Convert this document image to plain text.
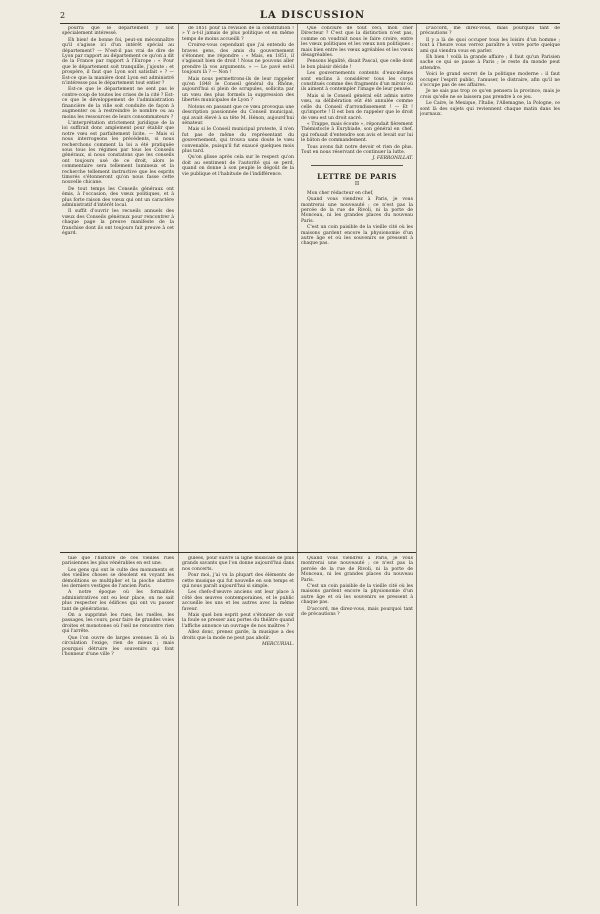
2	LA DISCUSSION

pourra que le département y soit spécialement intéressé.

Eh bien! de bonne foi, peut-on méconnaître qu'il s'agisse ici d'un intérêt spécial au département? — N'est-il pas vrai de dire de Lyon par rapport au département ce qu'on a dit de la France par rapport à l'Europe : « Pour que le département soit tranquille, j'ajoute : et prospère, il faut que Lyon soit satisfait » ? — Est-ce que la manière dont Lyon est administré n'intéresse pas le département tout entier ?

Est-ce que le département ne sent pas le contre-coup de toutes les crises de la cité ? Est-ce que le développement de l'administration financière de la ville soit conduite de façon à augmenter ou à restreindre le nombre ou au moins les ressources de leurs consommateurs ?

L'interprétation strictement juridique de la loi suffirait donc amplement pour établir que notre vœu est parfaitement licite. — Mais si nous interrogeons les précédents, si nous recherchons comment la loi a été pratiquée sous tous les régimes par tous les Conseils généraux, si nous constatons que les conseils ont toujours usé de ce droit, alors le commentaire sera tellement lumineux et la recherche tellement instructive que les esprits timorés s'étonneront qu'on nous fasse cette nouvelle chicane.

De tout temps les Conseils généraux ont émis, à l'occasion, des vœux politiques, et à plus forte raison des vœux qui ont un caractère administratif d'intérêt local.

Il suffit d'ouvrir les recueils annuels des vœux des Conseils généraux pour rencontrer à chaque page la preuve manifeste de la franchise dont ils ont toujours fait preuve à cet égard.

de 1851 pour la révision de la constitution ! » Y a-t-il jamais de plus politique et en même temps de moins accueilli ?

Croirez-vous cependant que j'ai entendu de braves gens, des amis du gouvernement s'étonner, me répondre : « Mais, en 1851, il s'agissait bien de droit ! Nous ne pouvons aller prendre là vos arguments. » — Le pavé est-il toujours là ? — Non !

Mais nous permettrons-ils de leur rappeler qu'en 1848 le Conseil général du Rhône, aujourd'hui si plein de scrupules, sollicita par un vœu des plus formels la suppression des libertés municipales de Lyon ?

Notons en passant que ce vœu provoqua une description passionnée du Conseil municipal, qui avait élevé à sa tête M. Hénon, aujourd'hui sénateur.

Mais si le Conseil municipal proteste, il n'en fut pas de même du représentant du gouvernement, qui trouva sans doute le vœu convenable, puisqu'il fut exaucé quelques mois plus tard.

Qu'on glisse après cela sur le respect qu'on doit au sentiment de l'autorité qui se perd, quand on donne à son peuple le dégoût de la vie publique et l'habitude de l'indifférence.

Que conclure de tout ceci, mon cher Directeur ? C'est que la distinction n'est pas, comme on voudrait nous le faire croire, entre les vœux politiques et les vœux non politiques ; mais bien entre les vœux agréables et les vœux désagréables.

Pensons légalité, disait Pascal, que celle dont le bon plaisir décide !

Les gouvernements contents d'eux-mêmes sont enclins à considérer tous les corps constitués comme des fragments d'un miroir où ils aiment à contempler l'image de leur pensée.

Mais si le Conseil général eût admis notre vœu, sa délibération eût été annulée comme celle du Conseil d'arrondissement ! — Et ! qu'importe ! Il est bon de rappeler que le droit de vœu est un droit sacré.

« Trappe, mais écoute », répondait fièrement Thémistocle à Eurybiade, son général en chef, qui refusait d'entendre son avis et levait sur lui le bâton de commandement.

Tous avons fait notre devoir et rien de plus. Tout en nous réservant de continuer la lutte.

J. FERRONILLAT.
LETTRE DE PARIS
II

Mon cher rédacteur en chef,

Quand vous viendrez à Paris, je vous montrerai une nouveauté ; ce n'est pas la percée de la rue de Rivoli, ni la porte de Monceau, ni les grandes places du nouveau Paris.

C'est un coin paisible de la vieille cité où les maisons gardent encore la physionomie d'un autre âge et où les souvenirs se pressent à chaque pas.

taie que l'histoire de ces vieilles rues parisiennes les plus vénérables en est une.

Les gens qui ont le culte des monuments et des vieilles choses se désolent en voyant les démolitions se multiplier et la pioche abattre les derniers vestiges de l'ancien Paris.

A notre époque où les formalités administratives ont eu leur place, on ne sait plus respecter les édifices qui ont vu passer tant de générations.

On a supprimé les rues, les ruelles, les passages, les cours, pour faire de grandes voies droites et monotones où l'œil ne rencontre rien qui l'arrête.

Que l'on ouvre de larges avenues là où la circulation l'exige, rien de mieux ; mais pourquoi détruire les souvenirs qui font l'honneur d'une ville ?

gulées, pour suivre la ligne musicale de plus grands savants que l'on donne aujourd'hui dans nos concerts.

Pour moi, j'ai vu la plupart des éléments de cette musique qui fut nouvelle en son temps et qui nous paraît aujourd'hui si simple.

Les chefs-d'œuvre anciens ont leur place à côté des œuvres contemporaines, et le public accueille les uns et les autres avec la même faveur.

Mais quel bon esprit peut s'étonner de voir la foule se presser aux portes du théâtre quand l'affiche annonce un ouvrage de nos maîtres ?

Allez donc, prenez garde, la musique a des droits que la mode ne peut pas abolir.

MERCURIAL.

Quand vous viendrez à Paris, je vous montrerai une nouveauté ; ce n'est pas la percée de la rue de Rivoli, ni la porte de Monceau, ni les grandes places du nouveau Paris.

C'est un coin paisible de la vieille cité où les maisons gardent encore la physionomie d'un autre âge et où les souvenirs se pressent à chaque pas.

D'accord, me direz-vous, mais pourquoi tant de précautions ?

D'accord, me direz-vous, mais pourquoi tant de précautions ?

Il y a là de quoi occuper tous les loisirs d'un homme ; tout à l'heure vous verrez paraître à votre porte quelque ami qui viendra vous en parler.

Eh bien ! voilà la grande affaire ; il faut qu'un Parisien sache ce qui se passe à Paris ; le reste du monde peut attendre.

Voici le grand secret de la politique moderne : il faut occuper l'esprit public, l'amuser, le distraire, afin qu'il ne s'occupe pas de ses affaires.

Je ne sais pas trop ce qu'en pensera la province, mais je crois qu'elle ne se laissera pas prendre à ce jeu.

Le Caire, le Mexique, l'Italie, l'Allemagne, la Pologne, ce sont là des sujets qui reviennent chaque matin dans les journaux.
